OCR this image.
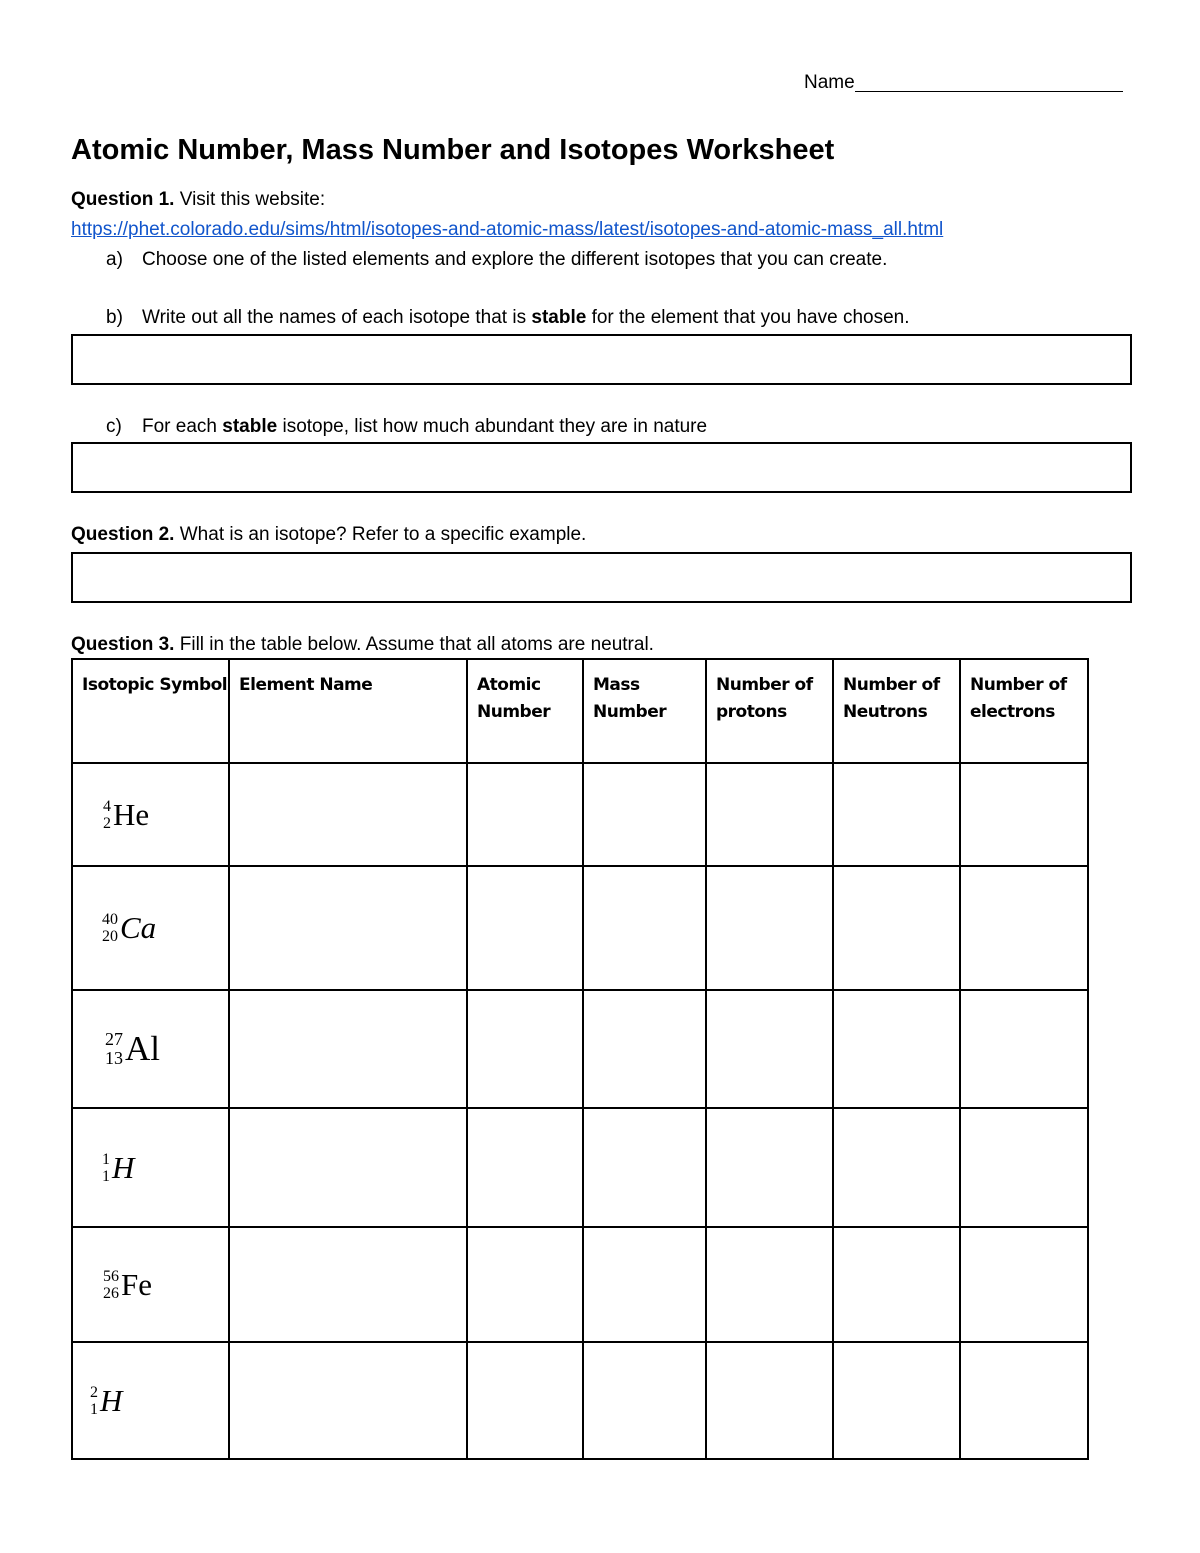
Name
Atomic Number, Mass Number and Isotopes Worksheet
Question 1. Visit this website:
https://phet.colorado.edu/sims/html/isotopes-and-atomic-mass/latest/isotopes-and-atomic-mass_all.html
a) Choose one of the listed elements and explore the different isotopes that you can create.
b) Write out all the names of each isotope that is stable for the element that you have chosen.
c) For each stable isotope, list how much abundant they are in nature
Question 2. What is an isotope? Refer to a specific example.
Question 3. Fill in the table below. Assume that all atoms are neutral.
Isotopic Symbol	Element Name	Atomic Number	Mass Number	Number of protons	Number of Neutrons	Number of electrons

4
2 He						

40
20 Ca						

27
13 Al						

1
1 H						

56
26 Fe						

2
1 H						
